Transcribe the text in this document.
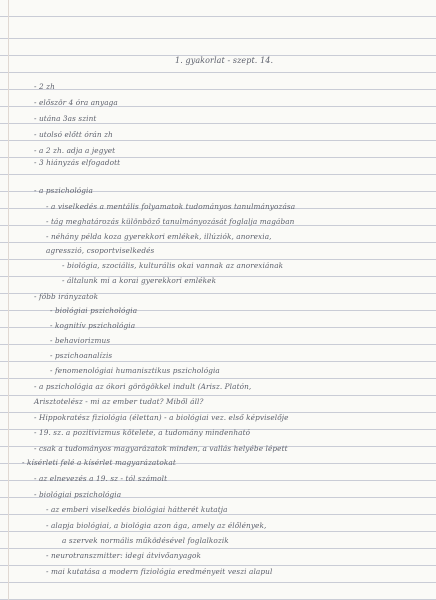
1. gyakorlat - szept. 14.
- 2 zh
- először 4 óra anyaga
- utána 3as szint
- utolsó előtt órán zh
- a 2 zh. adja a jegyet
- 3 hiányzás elfogadott
- a pszichológia
- a viselkedés a mentális folyamatok tudományos tanulmányozása
- tág meghatározás különböző tanulmányozását foglalja magában
- néhány példa koza gyerekkori emlékek, illúziók, anorexia,
agresszió, csoportviselkedés
- biológia, szociális, kulturális okai vannak az anorexiának
- általunk mi a korai gyerekkori emlékek
- főbb irányzatok
- biológiai pszichológia
- kognitív pszichológia
- behaviorizmus
- pszichoanalízis
- fenomenológiai humanisztikus pszichológia
- a pszichológia az ókori görögökkel indult (Arisz. Platón,
Arisztotelész - mi az ember tudat? Miből áll?
- Hippokratész fiziológia (élettan) - a biológiai vez. első képviselője
- 19. sz. a pozitivizmus kötelete, a tudomány mindenható
- csak a tudományos magyarázatok minden, a vallás helyébe lépett
- kísérleti felé a kísérlet magyarázatokat
- az elnevezés a 19. sz - tól számolt
- biológiai pszichológia
- az emberi viselkedés biológiai hátterét kutatja
- alapja biológiai, a biológia azon ága, amely az élőlények,
a szervek normális működésével foglalkozik
- neurotranszmitter: idegi átvivőanyagok
- mai kutatása a modern fiziológia eredményeit veszi alapul
